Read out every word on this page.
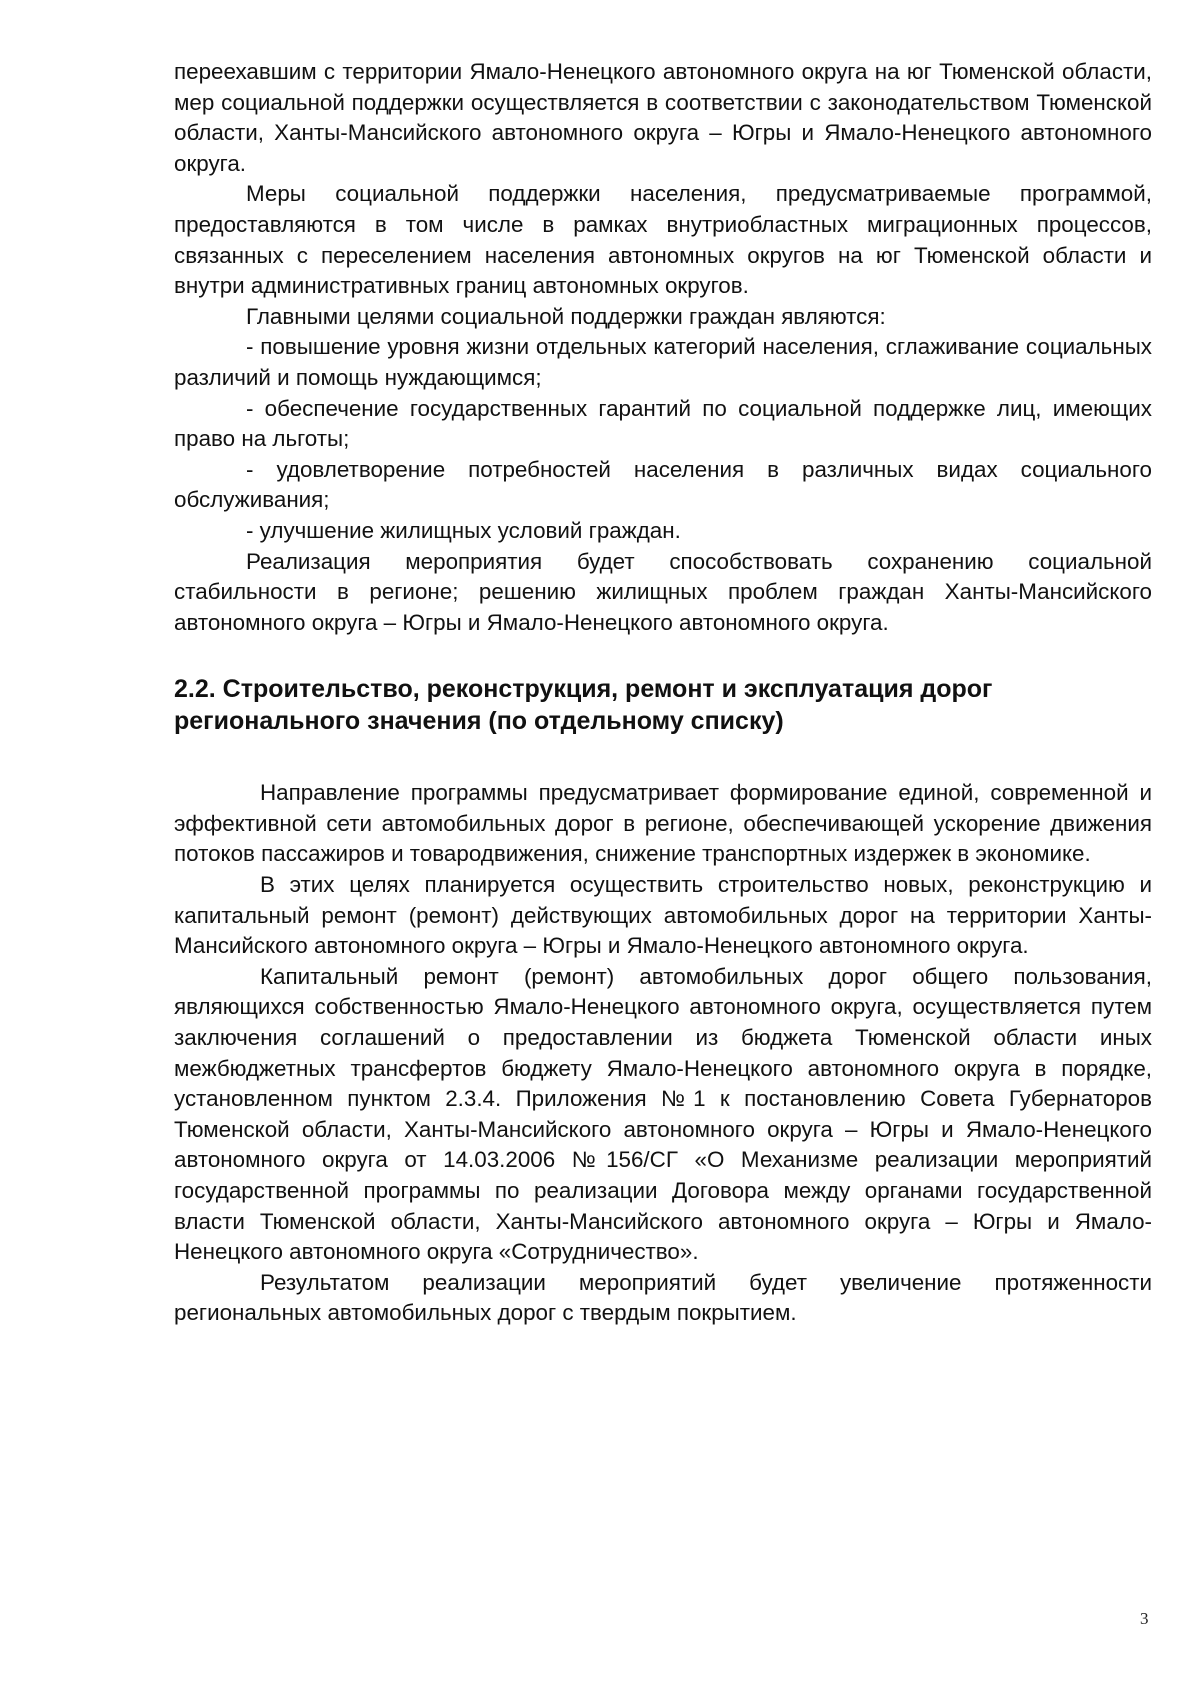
переехавшим с территории Ямало-Ненецкого автономного округа на юг Тюменской области, мер социальной поддержки осуществляется в соответствии с законодательством Тюменской области, Ханты-Мансийского автономного округа – Югры и Ямало-Ненецкого автономного округа.

Меры социальной поддержки населения, предусматриваемые программой, предоставляются в том числе в рамках внутриобластных миграционных процессов, связанных с переселением населения автономных округов на юг Тюменской области и внутри административных границ автономных округов.

Главными целями социальной поддержки граждан являются:

- повышение уровня жизни отдельных категорий населения, сглаживание социальных различий и помощь нуждающимся;

- обеспечение государственных гарантий по социальной поддержке лиц, имеющих право на льготы;

- удовлетворение потребностей населения в различных видах социального обслуживания;

- улучшение жилищных условий граждан.

Реализация мероприятия будет способствовать сохранению социальной стабильности в регионе; решению жилищных проблем граждан Ханты-Мансийского автономного округа – Югры и Ямало-Ненецкого автономного округа.

2.2. Строительство, реконструкция, ремонт и эксплуатация дорог регионального значения (по отдельному списку)

Направление программы предусматривает формирование единой, современной и эффективной сети автомобильных дорог в регионе, обеспечивающей ускорение движения потоков пассажиров и товародвижения, снижение транспортных издержек в экономике.

В этих целях планируется осуществить строительство новых, реконструкцию и капитальный ремонт (ремонт) действующих автомобильных дорог на территории Ханты-Мансийского автономного округа – Югры и Ямало-Ненецкого автономного округа.

Капитальный ремонт (ремонт) автомобильных дорог общего пользования, являющихся собственностью Ямало-Ненецкого автономного округа, осуществляется путем заключения соглашений о предоставлении из бюджета Тюменской области иных межбюджетных трансфертов бюджету Ямало-Ненецкого автономного округа в порядке, установленном пунктом 2.3.4. Приложения №1 к постановлению Совета Губернаторов Тюменской области, Ханты-Мансийского автономного округа – Югры и Ямало-Ненецкого автономного округа от 14.03.2006 №156/СГ «О Механизме реализации мероприятий государственной программы по реализации Договора между органами государственной власти Тюменской области, Ханты-Мансийского автономного округа – Югры и Ямало-Ненецкого автономного округа «Сотрудничество».

Результатом реализации мероприятий будет увеличение протяженности региональных автомобильных дорог с твердым покрытием.

3
